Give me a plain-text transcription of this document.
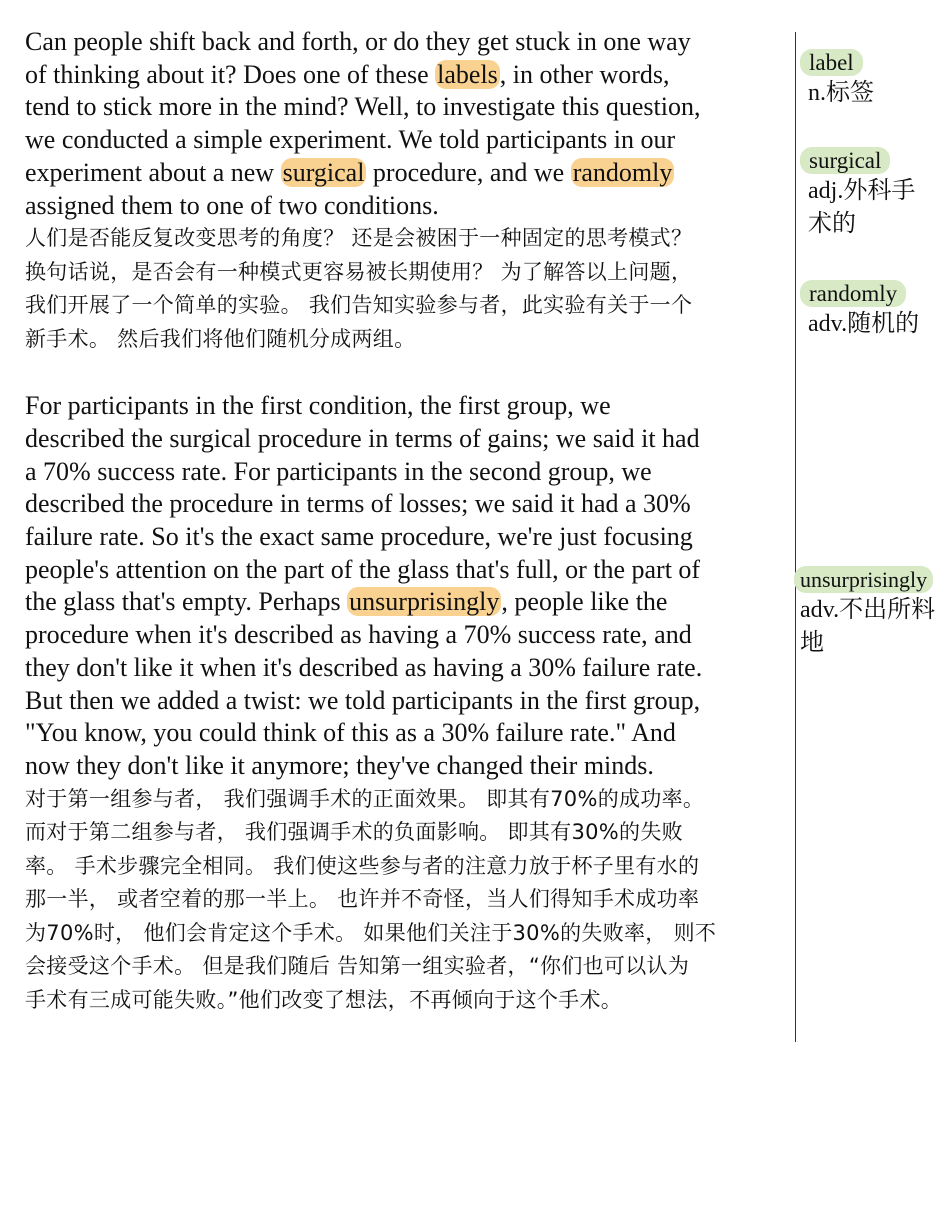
Can people shift back and forth, or do they get stuck in one way
of thinking about it? Does one of these labels, in other words,
tend to stick more in the mind? Well, to investigate this question,
we conducted a simple experiment. We told participants in our
experiment about a new surgical procedure, and we randomly
assigned them to one of two conditions.

人们是否能反复改变思考的角度？ 还是会被困于一种固定的思考模式？
换句话说，是否会有一种模式更容易被长期使用？ 为了解答以上问题，
我们开展了一个简单的实验。 我们告知实验参与者，此实验有关于一个
新手术。 然后我们将他们随机分成两组。

For participants in the first condition, the first group, we
described the surgical procedure in terms of gains; we said it had
a 70% success rate. For participants in the second group, we
described the procedure in terms of losses; we said it had a 30%
failure rate. So it's the exact same procedure, we're just focusing
people's attention on the part of the glass that's full, or the part of
the glass that's empty. Perhaps unsurprisingly, people like the
procedure when it's described as having a 70% success rate, and
they don't like it when it's described as having a 30% failure rate.
But then we added a twist: we told participants in the first group,
"You know, you could think of this as a 30% failure rate." And
now they don't like it anymore; they've changed their minds.

对于第一组参与者， 我们强调手术的正面效果。 即其有70%的成功率。
而对于第二组参与者， 我们强调手术的负面影响。 即其有30%的失败
率。 手术步骤完全相同。 我们使这些参与者的注意力放于杯子里有水的
那一半， 或者空着的那一半上。 也许并不奇怪，当人们得知手术成功率
为70%时， 他们会肯定这个手术。 如果他们关注于30%的失败率， 则不
会接受这个手术。 但是我们随后 告知第一组实验者，“你们也可以认为
手术有三成可能失败。”他们改变了想法，不再倾向于这个手术。

label
n.标签
surgical
adj.外科手
术的
randomly
adv.随机的
unsurprisingly
adv.不出所料
地
